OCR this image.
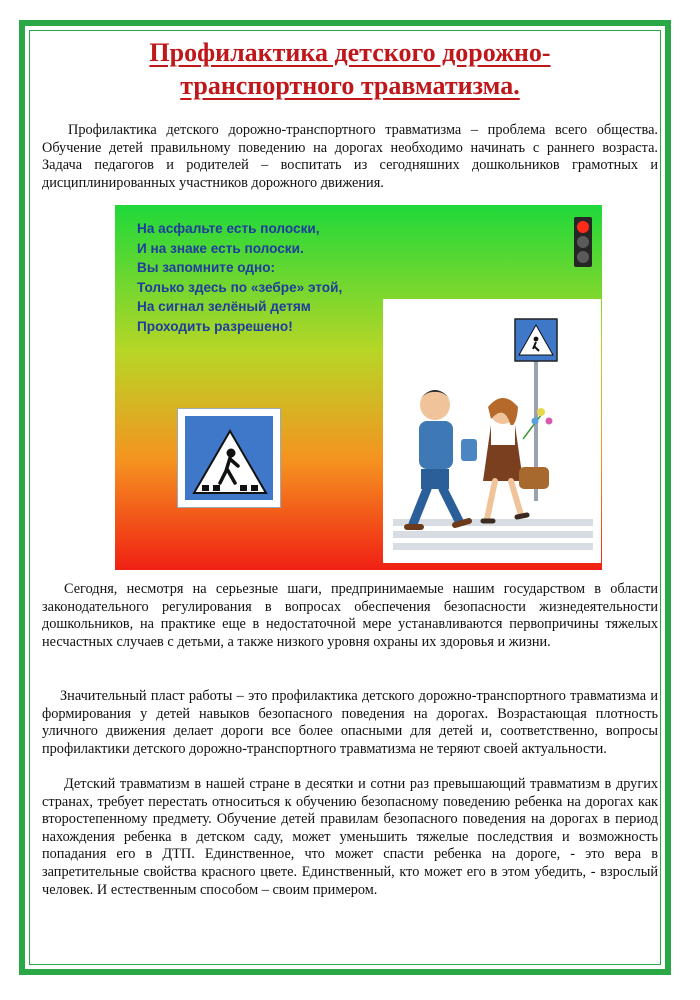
Профилактика детского дорожно-
транспортного травматизма.

Профилактика детского дорожно-транспортного травматизма – проблема всего общества. Обучение детей правильному поведению на дорогах необходимо начинать с раннего возраста. Задача педагогов и родителей – воспитать из сегодняшних дошкольников грамотных и дисциплинированных участников дорожного движения.

На асфальте есть полоски,
И на знаке есть полоски.
Вы запомните одно:
Только здесь по «зебре» этой,
На сигнал зелёный детям
Проходить разрешено!

Сегодня, несмотря на серьезные шаги, предпринимаемые нашим государством в области законодательного регулирования в вопросах обеспечения безопасности жизнедеятельности дошкольников, на практике еще в недостаточной мере устанавливаются первопричины тяжелых несчастных случаев с детьми, а также низкого уровня охраны их здоровья и жизни.

Значительный пласт работы – это профилактика детского дорожно-транспортного травматизма и формирования у детей навыков безопасного поведения на дорогах. Возрастающая плотность уличного движения делает дороги все более опасными для детей и, соответственно, вопросы профилактики детского дорожно-транспортного травматизма не теряют своей актуальности.

Детский травматизм в нашей стране в десятки и сотни раз превышающий травматизм в других странах, требует перестать относиться к обучению безопасному поведению ребенка на дорогах как второстепенному предмету. Обучение детей правилам безопасного поведения на дорогах в период нахождения ребенка в детском саду, может уменьшить тяжелые последствия и возможность попадания его в ДТП. Единственное, что может спасти ребенка на дороге, - это вера в запретительные свойства красного цвете. Единственный, кто может его в этом убедить, - взрослый человек. И естественным способом – своим примером.
